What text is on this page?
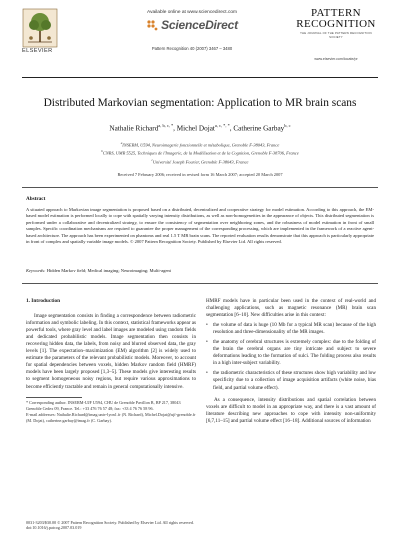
ELSEVIER
Available online at www.sciencedirect.com
ScienceDirect
Pattern Recognition 40 (2007) 3467 – 3480
PATTERN
RECOGNITION
THE JOURNAL OF THE PATTERN RECOGNITION SOCIETY
www.elsevier.com/locate/pr
Distributed Markovian segmentation: Application to MR brain scans
Nathalie Richard$^{a, b, c, *}$, Michel Dojat$^{a, c, *, *}$, Catherine Garbay$^{b, c}$
$^a$INSERM, U594, Neuroimagerie fonctionnelle et métabolique, Grenoble F-38043, France
$^b$CNRS, UMR 5525, Techniques de l'Imagerie, de la Modélisation et de la Cognition, Grenoble F-38706, France
$^c$Université Joseph Fourier, Grenoble F-38043, France
Received 7 February 2006; received in revised form 16 March 2007; accepted 20 March 2007
Abstract
A situated approach to Markovian image segmentation is proposed based on a distributed, decentralized and cooperative strategy for model estimation. According to this approach, the EM-based model estimation is performed locally to cope with spatially varying intensity distributions, as well as non-homogeneities in the appearance of objects. This distributed segmentation is performed under a collaborative and decentralized strategy, to ensure the consistency of segmentation over neighboring zones, and the robustness of model estimation in front of small samples. Specific coordination mechanisms are required to guarantee the proper management of the corresponding processing, which are implemented in the framework of a reactive agent-based architecture. The approach has been experimented on phantoms and real 1.5 T MR brain scans. The reported evaluation results demonstrate that this approach is particularly appropriate in front of complex and spatially variable image models. © 2007 Pattern Recognition Society. Published by Elsevier Ltd. All rights reserved.
Keywords: Hidden Markov field; Medical imaging; Neuroimaging; Multi-agent
1. Introduction
Image segmentation consists in finding a correspondence between radiometric information and symbolic labeling. In this context, statistical frameworks appear as powerful tools, where gray level and label images are modeled using random fields and dedicated probabilistic models. Image segmentation then consists in recovering hidden data, the labels, from noisy and blurred observed data, the gray levels [1]. The expectation–maximization (EM) algorithm [2] is widely used to estimate the parameters of the relevant probabilistic models. Moreover, to account for spatial dependencies between voxels, hidden Markov random field (HMRF) models have been largely proposed [1,3–5]. These models give interesting results to segment homogeneous noisy regions, but require various approximations to become efficiently tractable and remain in general computationally intensive.
* Corresponding author. INSERM-UJF U594, CHU de Grenoble Pavillon B, BP 217, 38043 Grenoble Cedex 09, France. Tel.: +33 476 76 57 48; fax: +33 4 76 76 58 96.
E-mail addresses: Nathalie.Richard@imag.univ-lyon1.fr (N. Richard), Michel.Dojat@ujf-grenoble.fr (M. Dojat), catherine.garbay@imag.fr (C. Garbay).
HMRF models have in particular been used in the context of real-world and challenging applications, such as magnetic resonance (MR) brain scan segmentation [6–10]. New difficulties arise in this context:
• the volume of data is huge (10 Mb for a typical MR scan) because of the high resolution and three-dimensionality of the MR images.
• the anatomy of cerebral structures is extremely complex: due to the folding of the brain the cerebral organs are tiny intricate and subject to severe deformations leading to the formation of sulci. The folding process also results in a high inter-subject variability.
• the radiometric characteristics of these structures show high variability and low specificity due to a collection of image acquisition artifacts (white noise, bias field, and partial volume effect).
As a consequence, intensity distributions and spatial correlation between voxels are difficult to model in an appropriate way, and there is a vast amount of literature describing new approaches to cope with intensity non-uniformity [6,7,11–15] and partial volume effect [16–18]. Additional sources of information
0031-3203/$30.00 © 2007 Pattern Recognition Society. Published by Elsevier Ltd. All rights reserved.
doi:10.1016/j.patcog.2007.03.019
